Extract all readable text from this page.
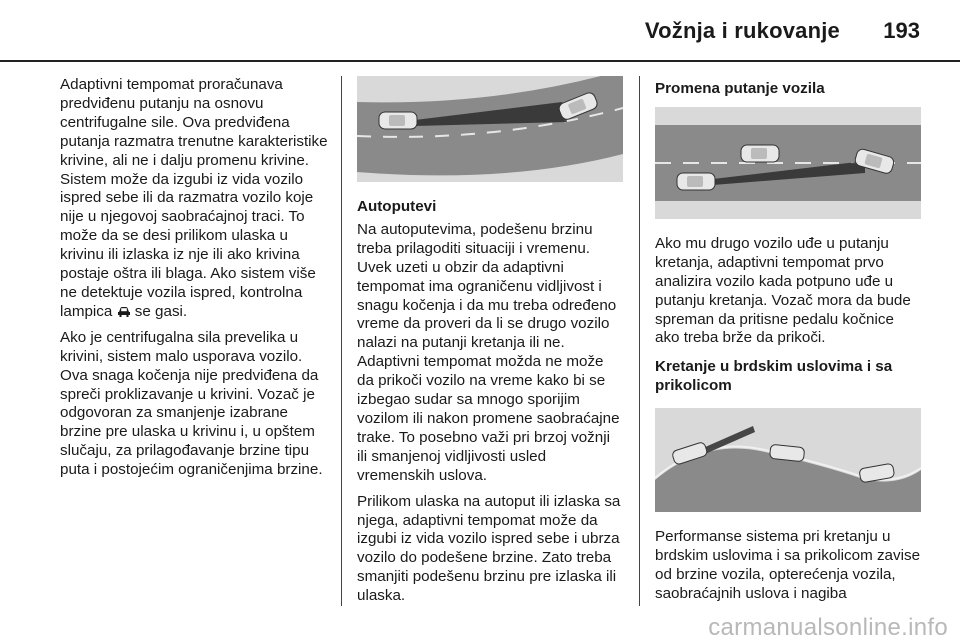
Vožnja i rukovanje 193

Adaptivni tempomat proračunava predviđenu putanju na osnovu centrifugalne sile. Ova predviđena putanja razmatra trenutne karakteristike krivine, ali ne i dalju promenu krivine. Sistem može da izgubi iz vida vozilo ispred sebe ili da razmatra vozilo koje nije u njegovoj saobraćajnoj traci. To može da se desi prilikom ulaska u krivinu ili izlaska iz nje ili ako krivina postaje oštra ili blaga. Ako sistem više ne detektuje vozila ispred, kontrolna lampica  se gasi.

Ako je centrifugalna sila prevelika u krivini, sistem malo usporava vozilo. Ova snaga kočenja nije predviđena da spreči proklizavanje u krivini. Vozač je odgovoran za smanjenje izabrane brzine pre ulaska u krivinu i, u opštem slučaju, za prilagođavanje brzine tipu puta i postojećim ograničenjima brzine.

Autoputevi

Na autoputevima, podešenu brzinu treba prilagoditi situaciji i vremenu. Uvek uzeti u obzir da adaptivni tempomat ima ograničenu vidljivost i snagu kočenja i da mu treba određeno vreme da proveri da li se drugo vozilo nalazi na putanji kretanja ili ne. Adaptivni tempomat možda ne može da prikoči vozilo na vreme kako bi se izbegao sudar sa mnogo sporijim vozilom ili nakon promene saobraćajne trake. To posebno važi pri brzoj vožnji ili smanjenoj vidljivosti usled vremenskih uslova.

Prilikom ulaska na autoput ili izlaska sa njega, adaptivni tempomat može da izgubi iz vida vozilo ispred sebe i ubrza vozilo do podešene brzine. Zato treba smanjiti podešenu brzinu pre izlaska ili ulaska.

Promena putanje vozila

Ako mu drugo vozilo uđe u putanju kretanja, adaptivni tempomat prvo analizira vozilo kada potpuno uđe u putanju kretanja. Vozač mora da bude spreman da pritisne pedalu kočnice ako treba brže da prikoči.

Kretanje u brdskim uslovima i sa prikolicom

Performanse sistema pri kretanju u brdskim uslovima i sa prikolicom zavise od brzine vozila, opterećenja vozila, saobraćajnih uslova i nagiba

carmanualsonline.info
